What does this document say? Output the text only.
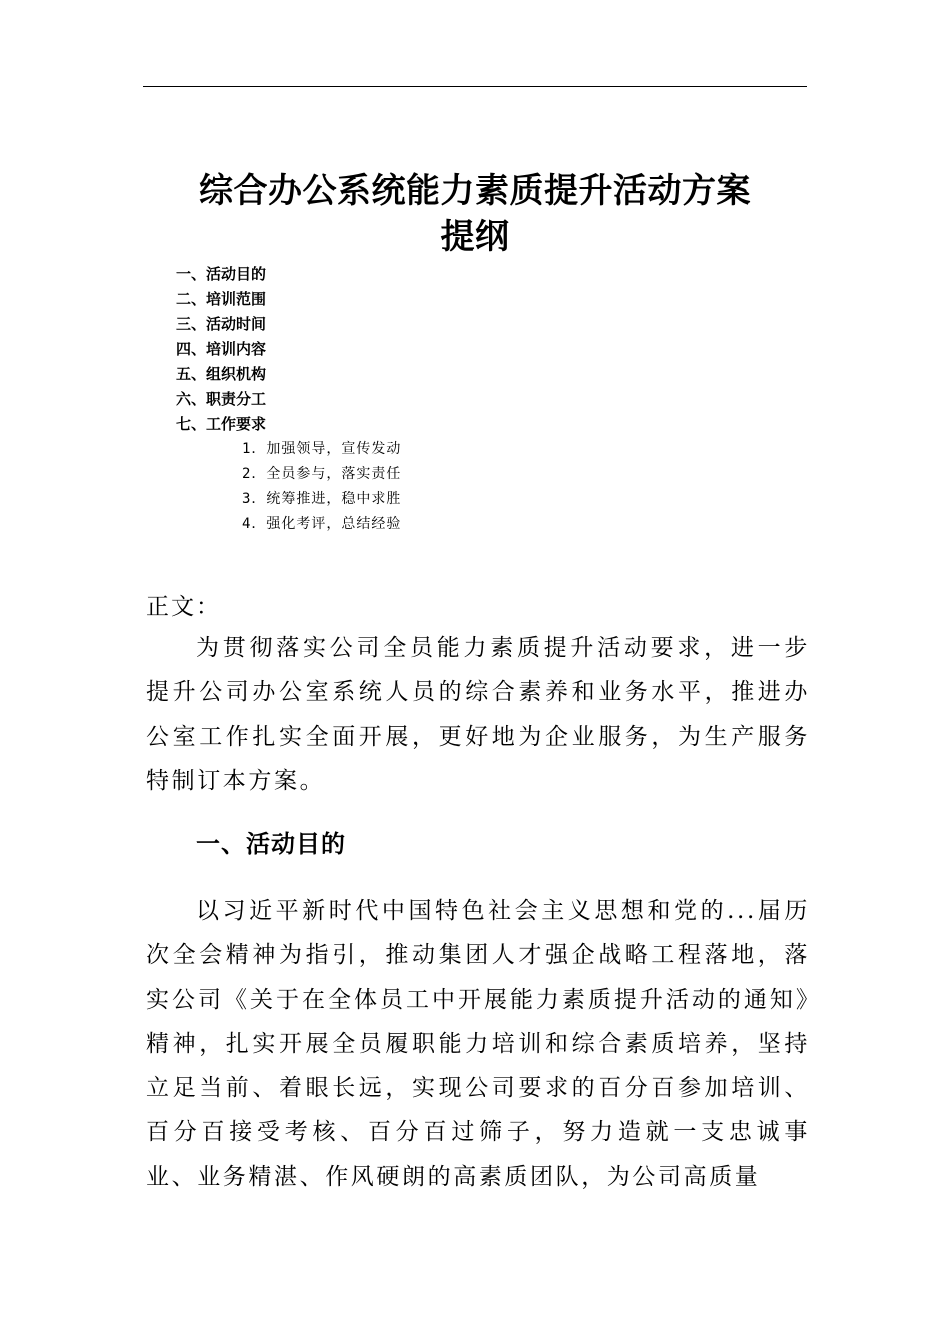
综合办公系统能力素质提升活动方案
提纲
一、活动目的
二、培训范围
三、活动时间
四、培训内容
五、组织机构
六、职责分工
七、工作要求
1．加强领导，宣传发动
2．全员参与，落实责任
3．统筹推进，稳中求胜
4．强化考评，总结经验
正文：

为贯彻落实公司全员能力素质提升活动要求，进一步提升公司办公室系统人员的综合素养和业务水平，推进办公室工作扎实全面开展，更好地为企业服务，为生产服务特制订本方案。

一、活动目的

以习近平新时代中国特色社会主义思想和党的...届历次全会精神为指引，推动集团人才强企战略工程落地，落实公司《关于在全体员工中开展能力素质提升活动的通知》精神，扎实开展全员履职能力培训和综合素质培养，坚持立足当前、着眼长远，实现公司要求的百分百参加培训、百分百接受考核、百分百过筛子，努力造就一支忠诚事业、业务精湛、作风硬朗的高素质团队，为公司高质量
